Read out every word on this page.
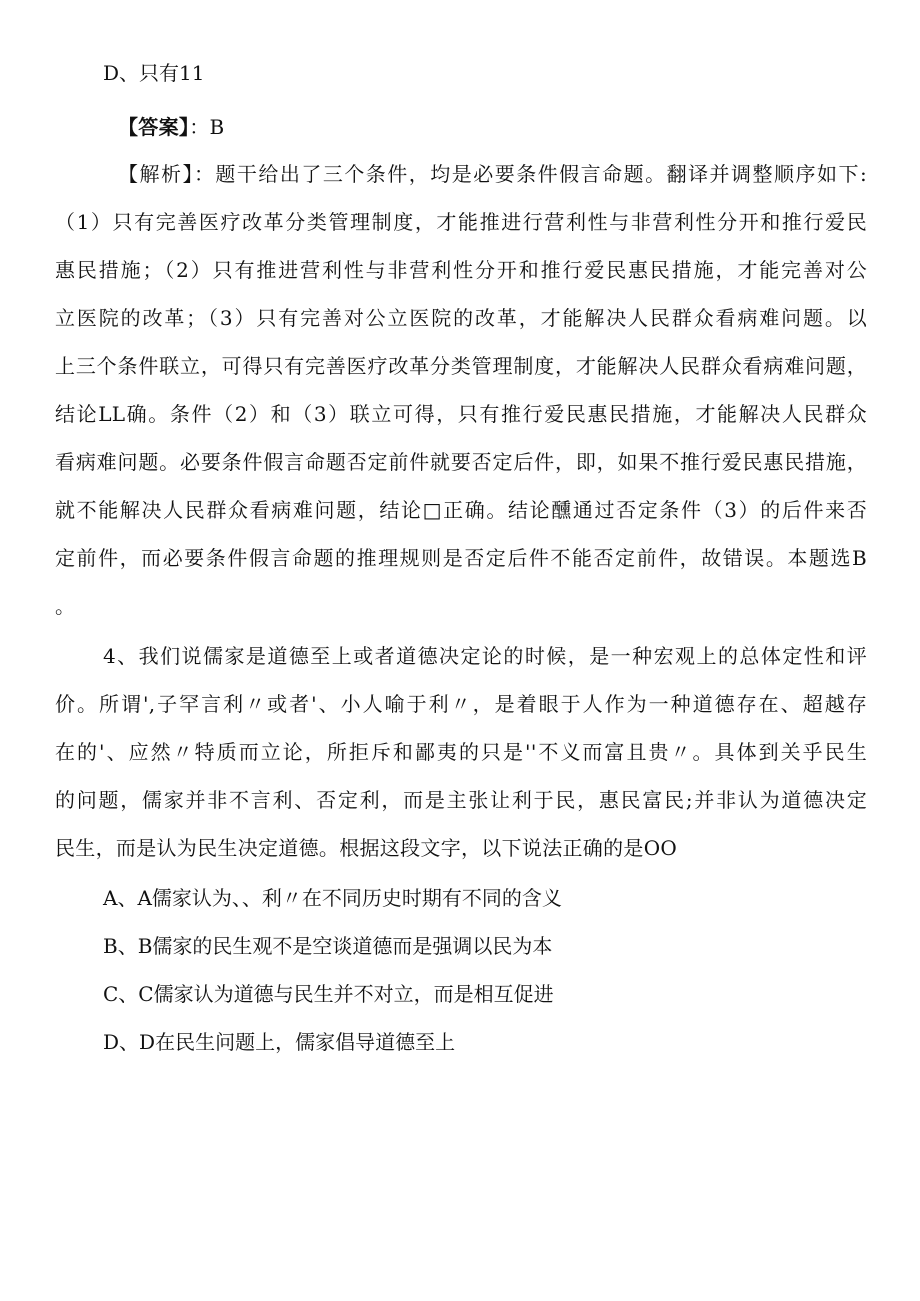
D、只有11
【答案】：B
【解析】：题干给出了三个条件，均是必要条件假言命题。翻译并调整顺序如下:
（1）只有完善医疗改革分类管理制度，才能推进行营利性与非营利性分开和推行爱民
惠民措施；（2）只有推进营利性与非营利性分开和推行爱民惠民措施，才能完善对公
立医院的改革；（3）只有完善对公立医院的改革，才能解决人民群众看病难问题。以
上三个条件联立，可得只有完善医疗改革分类管理制度，才能解决人民群众看病难问题，
结论LL确。条件（2）和（3）联立可得，只有推行爱民惠民措施，才能解决人民群众
看病难问题。必要条件假言命题否定前件就要否定后件，即，如果不推行爱民惠民措施，
就不能解决人民群众看病难问题，结论□正确。结论醺通过否定条件（3）的后件来否
定前件，而必要条件假言命题的推理规则是否定后件不能否定前件，故错误。本题选B
。
4、我们说儒家是道德至上或者道德决定论的时候，是一种宏观上的总体定性和评
价。所谓',子罕言利〃或者'、小人喻于利〃，是着眼于人作为一种道德存在、超越存
在的'、应然〃特质而立论，所拒斥和鄙夷的只是''不义而富且贵〃。具体到关乎民生
的问题，儒家并非不言利、否定利，而是主张让利于民，惠民富民;并非认为道德决定
民生，而是认为民生决定道德。根据这段文字，以下说法正确的是OO
A、A儒家认为、、利〃在不同历史时期有不同的含义
B、B儒家的民生观不是空谈道德而是强调以民为本
C、C儒家认为道德与民生并不对立，而是相互促进
D、D在民生问题上，儒家倡导道德至上
